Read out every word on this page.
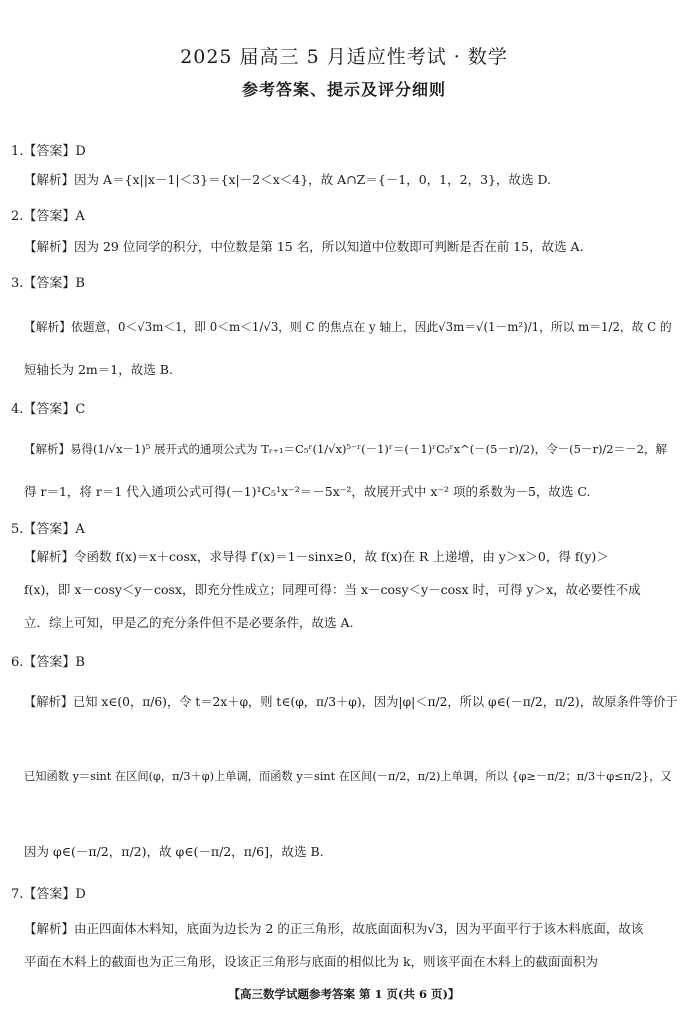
2025 届高三 5 月适应性考试 · 数学
参考答案、提示及评分细则
1.【答案】D
【解析】因为 A＝{x||x－1|＜3}＝{x|－2＜x＜4}，故 A∩Z＝{－1，0，1，2，3}，故选 D.
2.【答案】A
【解析】因为 29 位同学的积分，中位数是第 15 名，所以知道中位数即可判断是否在前 15，故选 A.
3.【答案】B
【解析】依题意，0＜√3m＜1，即 0＜m＜1/√3，则 C 的焦点在 y 轴上，因此√3m＝√(1－m²)/1，所以 m＝1/2，故 C 的
短轴长为 2m＝1，故选 B.
4.【答案】C
【解析】易得(1/√x－1)⁵ 展开式的通项公式为 Tᵣ₊₁＝C₅ʳ(1/√x)⁵⁻ʳ(－1)ʳ＝(－1)ʳC₅ʳx^(－(5－r)/2)，令－(5－r)/2＝－2，解
得 r＝1，将 r＝1 代入通项公式可得(－1)¹C₅¹x⁻²＝－5x⁻²，故展开式中 x⁻² 项的系数为－5，故选 C.
5.【答案】A
【解析】令函数 f(x)＝x＋cosx，求导得 f′(x)＝1－sinx≥0，故 f(x)在 R 上递增，由 y＞x＞0，得 f(y)＞
f(x)，即 x－cosy＜y－cosx，即充分性成立；同理可得：当 x－cosy＜y－cosx 时，可得 y＞x，故必要性不成
立．综上可知，甲是乙的充分条件但不是必要条件，故选 A.
6.【答案】B
【解析】已知 x∈(0，π/6)，令 t＝2x＋φ，则 t∈(φ，π/3＋φ)，因为|φ|＜π/2，所以 φ∈(－π/2，π/2)，故原条件等价于
已知函数 y＝sint 在区间(φ，π/3＋φ)上单调，而函数 y＝sint 在区间(－π/2，π/2)上单调，所以 {φ≥－π/2；π/3＋φ≤π/2}，又
因为 φ∈(－π/2，π/2)，故 φ∈(－π/2，π/6]，故选 B.
7.【答案】D
【解析】由正四面体木料知，底面为边长为 2 的正三角形，故底面面积为√3，因为平面平行于该木料底面，故该
平面在木料上的截面也为正三角形，设该正三角形与底面的相似比为 k，则该平面在木料上的截面面积为
【高三数学试题参考答案 第 1 页(共 6 页)】
